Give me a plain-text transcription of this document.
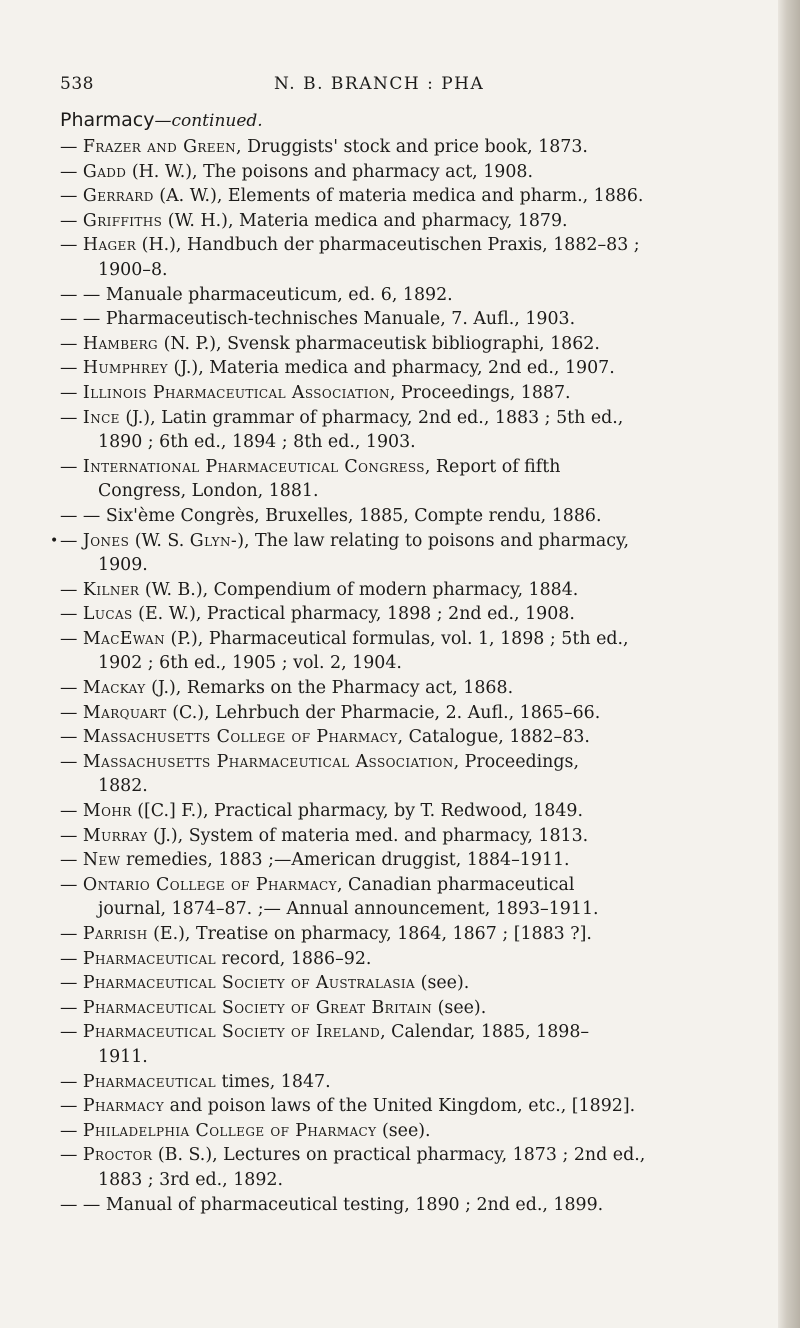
538	N. B. BRANCH : PHA
Pharmacy—continued.
— Frazer and Green, Druggists' stock and price book, 1873.
— Gadd (H. W.), The poisons and pharmacy act, 1908.
— Gerrard (A. W.), Elements of materia medica and pharm., 1886.
— Griffiths (W. H.), Materia medica and pharmacy, 1879.
— Hager (H.), Handbuch der pharmaceutischen Praxis, 1882–83 ;
1900–8.
— — Manuale pharmaceuticum, ed. 6, 1892.
— — Pharmaceutisch-technisches Manuale, 7. Aufl., 1903.
— Hamberg (N. P.), Svensk pharmaceutisk bibliographi, 1862.
— Humphrey (J.), Materia medica and pharmacy, 2nd ed., 1907.
— Illinois Pharmaceutical Association, Proceedings, 1887.
— Ince (J.), Latin grammar of pharmacy, 2nd ed., 1883 ; 5th ed.,
1890 ; 6th ed., 1894 ; 8th ed., 1903.
— International Pharmaceutical Congress, Report of fifth
Congress, London, 1881.
— — Six'ème Congrès, Bruxelles, 1885, Compte rendu, 1886.
• — Jones (W. S. Glyn-), The law relating to poisons and pharmacy,
1909.
— Kilner (W. B.), Compendium of modern pharmacy, 1884.
— Lucas (E. W.), Practical pharmacy, 1898 ; 2nd ed., 1908.
— MacEwan (P.), Pharmaceutical formulas, vol. 1, 1898 ; 5th ed.,
1902 ; 6th ed., 1905 ; vol. 2, 1904.
— Mackay (J.), Remarks on the Pharmacy act, 1868.
— Marquart (C.), Lehrbuch der Pharmacie, 2. Aufl., 1865–66.
— Massachusetts College of Pharmacy, Catalogue, 1882–83.
— Massachusetts Pharmaceutical Association, Proceedings,
1882.
— Mohr ([C.] F.), Practical pharmacy, by T. Redwood, 1849.
— Murray (J.), System of materia med. and pharmacy, 1813.
— New remedies, 1883 ;—American druggist, 1884–1911.
— Ontario College of Pharmacy, Canadian pharmaceutical
journal, 1874–87. ;— Annual announcement, 1893–1911.
— Parrish (E.), Treatise on pharmacy, 1864, 1867 ; [1883 ?].
— Pharmaceutical record, 1886–92.
— Pharmaceutical Society of Australasia (see).
— Pharmaceutical Society of Great Britain (see).
— Pharmaceutical Society of Ireland, Calendar, 1885, 1898–
1911.
— Pharmaceutical times, 1847.
— Pharmacy and poison laws of the United Kingdom, etc., [1892].
— Philadelphia College of Pharmacy (see).
— Proctor (B. S.), Lectures on practical pharmacy, 1873 ; 2nd ed.,
1883 ; 3rd ed., 1892.
— — Manual of pharmaceutical testing, 1890 ; 2nd ed., 1899.
